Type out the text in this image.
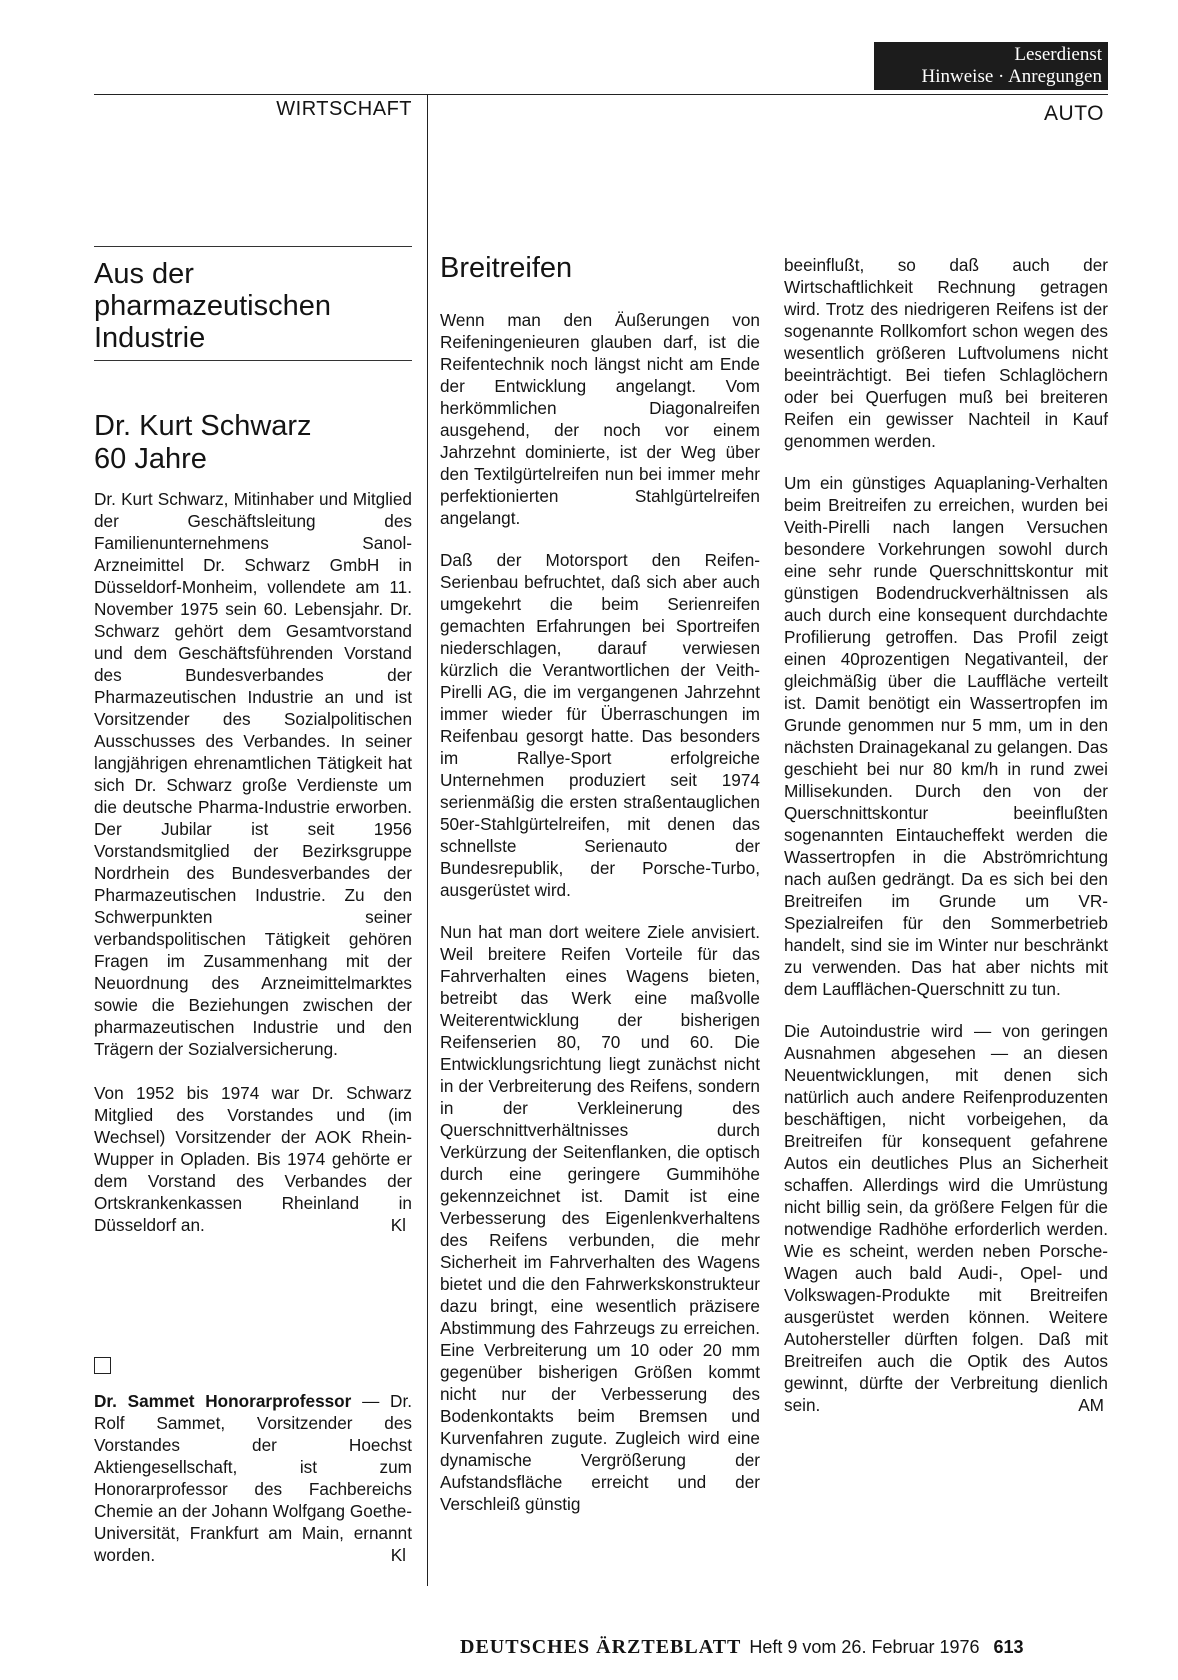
Leserdienst
Hinweise · Anregungen
WIRTSCHAFT	AUTO
Aus der pharmazeutischen Industrie
Dr. Kurt Schwarz
60 Jahre

Dr. Kurt Schwarz, Mitinhaber und Mitglied der Geschäftsleitung des Familienunternehmens Sanol-Arzneimittel Dr. Schwarz GmbH in Düsseldorf-Monheim, vollendete am 11. November 1975 sein 60. Lebensjahr. Dr. Schwarz gehört dem Gesamtvorstand und dem Geschäftsführenden Vorstand des Bundesverbandes der Pharmazeutischen Industrie an und ist Vorsitzender des Sozialpolitischen Ausschusses des Verbandes. In seiner langjährigen ehrenamtlichen Tätigkeit hat sich Dr. Schwarz große Verdienste um die deutsche Pharma-Industrie erworben. Der Jubilar ist seit 1956 Vorstandsmitglied der Bezirksgruppe Nordrhein des Bundesverbandes der Pharmazeutischen Industrie. Zu den Schwerpunkten seiner verbandspolitischen Tätigkeit gehören Fragen im Zusammenhang mit der Neuordnung des Arzneimittelmarktes sowie die Beziehungen zwischen der pharmazeutischen Industrie und den Trägern der Sozialversicherung.

Von 1952 bis 1974 war Dr. Schwarz Mitglied des Vorstandes und (im Wechsel) Vorsitzender der AOK Rhein-Wupper in Opladen. Bis 1974 gehörte er dem Vorstand des Verbandes der Ortskrankenkassen Rheinland in Düsseldorf an.	Kl

Dr. Sammet Honorarprofessor — Dr. Rolf Sammet, Vorsitzender des Vorstandes der Hoechst Aktiengesellschaft, ist zum Honorarprofessor des Fachbereichs Chemie an der Johann Wolfgang Goethe-Universität, Frankfurt am Main, ernannt worden.	Kl

Breitreifen

Wenn man den Äußerungen von Reifeningenieuren glauben darf, ist die Reifentechnik noch längst nicht am Ende der Entwicklung angelangt. Vom herkömmlichen Diagonalreifen ausgehend, der noch vor einem Jahrzehnt dominierte, ist der Weg über den Textilgürtelreifen nun bei immer mehr perfektionierten Stahlgürtelreifen angelangt.

Daß der Motorsport den Reifen-Serienbau befruchtet, daß sich aber auch umgekehrt die beim Serienreifen gemachten Erfahrungen bei Sportreifen niederschlagen, darauf verwiesen kürzlich die Verantwortlichen der Veith-Pirelli AG, die im vergangenen Jahrzehnt immer wieder für Überraschungen im Reifenbau gesorgt hatte. Das besonders im Rallye-Sport erfolgreiche Unternehmen produziert seit 1974 serienmäßig die ersten straßentauglichen 50er-Stahlgürtelreifen, mit denen das schnellste Serienauto der Bundesrepublik, der Porsche-Turbo, ausgerüstet wird.

Nun hat man dort weitere Ziele anvisiert. Weil breitere Reifen Vorteile für das Fahrverhalten eines Wagens bieten, betreibt das Werk eine maßvolle Weiterentwicklung der bisherigen Reifenserien 80, 70 und 60. Die Entwicklungsrichtung liegt zunächst nicht in der Verbreiterung des Reifens, sondern in der Verkleinerung des Querschnittverhältnisses durch Verkürzung der Seitenflanken, die optisch durch eine geringere Gummihöhe gekennzeichnet ist. Damit ist eine Verbesserung des Eigenlenkverhaltens des Reifens verbunden, die mehr Sicherheit im Fahrverhalten des Wagens bietet und die den Fahrwerkskonstrukteur dazu bringt, eine wesentlich präzisere Abstimmung des Fahrzeugs zu erreichen. Eine Verbreiterung um 10 oder 20 mm gegenüber bisherigen Größen kommt nicht nur der Verbesserung des Bodenkontakts beim Bremsen und Kurvenfahren zugute. Zugleich wird eine dynamische Vergrößerung der Aufstandsfläche erreicht und der Verschleiß günstig

beeinflußt, so daß auch der Wirtschaftlichkeit Rechnung getragen wird. Trotz des niedrigeren Reifens ist der sogenannte Rollkomfort schon wegen des wesentlich größeren Luftvolumens nicht beeinträchtigt. Bei tiefen Schlaglöchern oder bei Querfugen muß bei breiteren Reifen ein gewisser Nachteil in Kauf genommen werden.

Um ein günstiges Aquaplaning-Verhalten beim Breitreifen zu erreichen, wurden bei Veith-Pirelli nach langen Versuchen besondere Vorkehrungen sowohl durch eine sehr runde Querschnittskontur mit günstigen Bodendruckverhältnissen als auch durch eine konsequent durchdachte Profilierung getroffen. Das Profil zeigt einen 40prozentigen Negativanteil, der gleichmäßig über die Lauffläche verteilt ist. Damit benötigt ein Wassertropfen im Grunde genommen nur 5 mm, um in den nächsten Drainagekanal zu gelangen. Das geschieht bei nur 80 km/h in rund zwei Millisekunden. Durch den von der Querschnittskontur beeinflußten sogenannten Eintaucheffekt werden die Wassertropfen in die Abströmrichtung nach außen gedrängt. Da es sich bei den Breitreifen im Grunde um VR-Spezialreifen für den Sommerbetrieb handelt, sind sie im Winter nur beschränkt zu verwenden. Das hat aber nichts mit dem Laufflächen-Querschnitt zu tun.

Die Autoindustrie wird — von geringen Ausnahmen abgesehen — an diesen Neuentwicklungen, mit denen sich natürlich auch andere Reifenproduzenten beschäftigen, nicht vorbeigehen, da Breitreifen für konsequent gefahrene Autos ein deutliches Plus an Sicherheit schaffen. Allerdings wird die Umrüstung nicht billig sein, da größere Felgen für die notwendige Radhöhe erforderlich werden. Wie es scheint, werden neben Porsche-Wagen auch bald Audi-, Opel- und Volkswagen-Produkte mit Breitreifen ausgerüstet werden können. Weitere Autohersteller dürften folgen. Daß mit Breitreifen auch die Optik des Autos gewinnt, dürfte der Verbreitung dienlich sein.	AM

DEUTSCHES ÄRZTEBLATT Heft 9 vom 26. Februar 1976 613
